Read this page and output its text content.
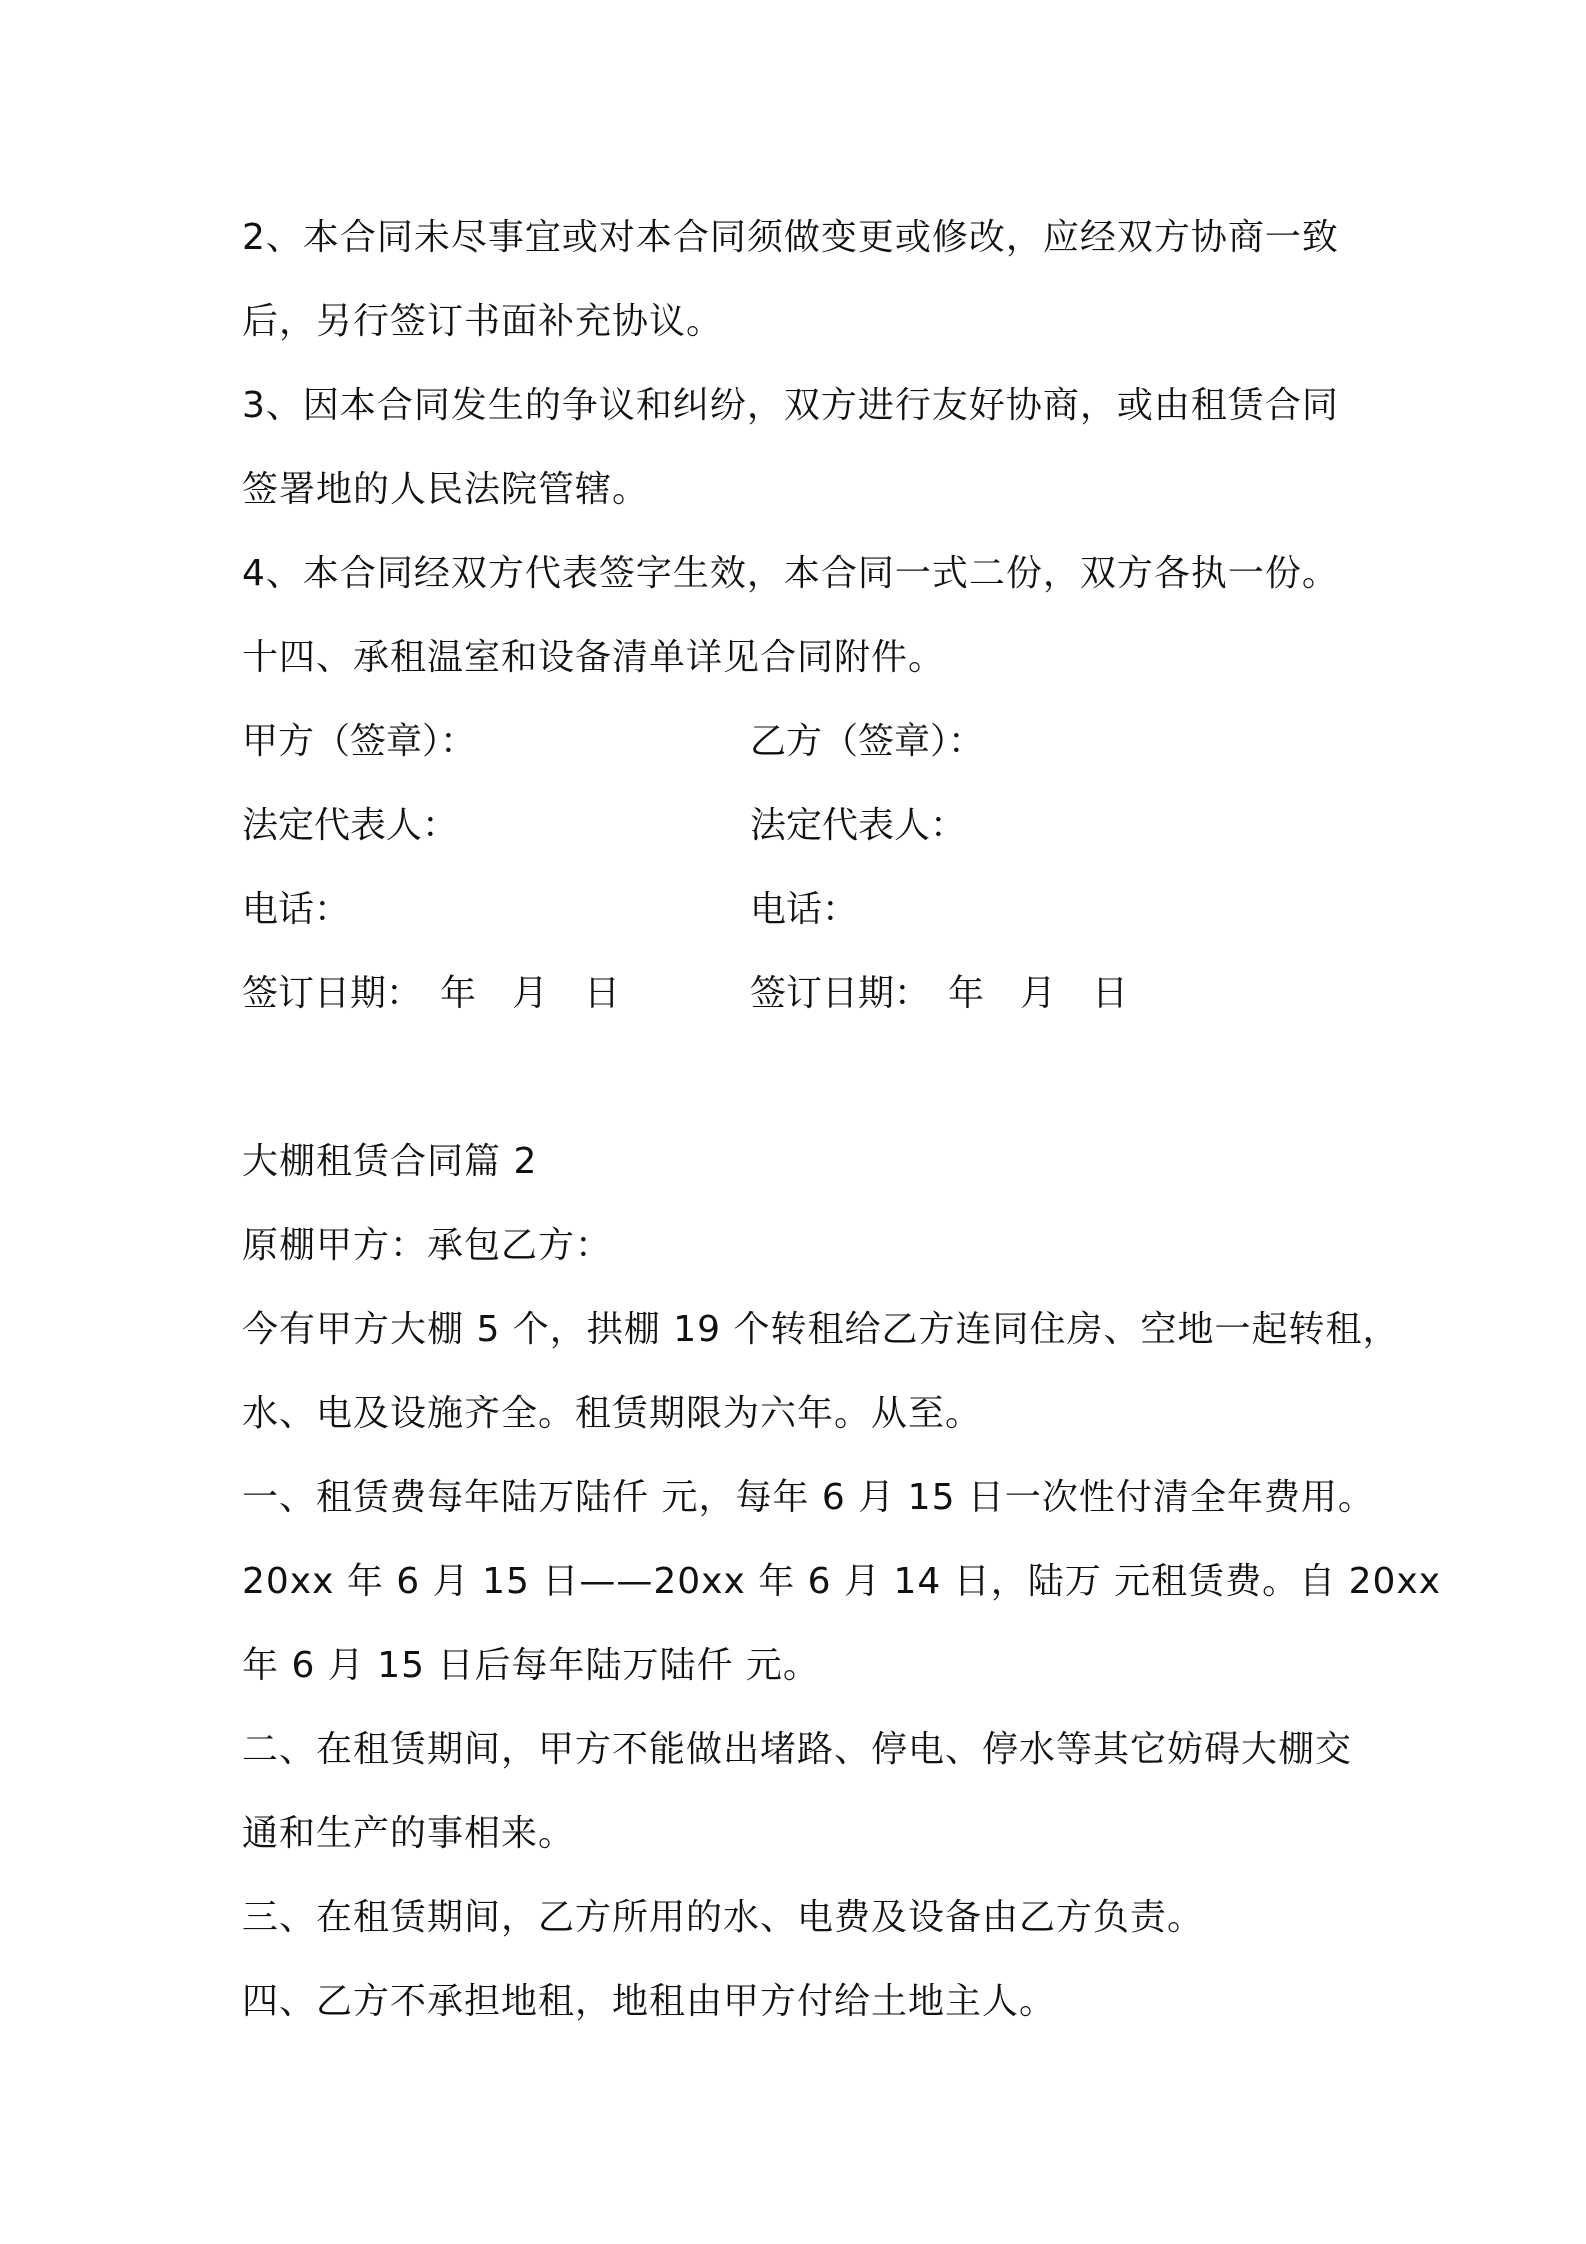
2、本合同未尽事宜或对本合同须做变更或修改，应经双方协商一致
后，另行签订书面补充协议。
3、因本合同发生的争议和纠纷，双方进行友好协商，或由租赁合同
签署地的人民法院管辖。
4、本合同经双方代表签字生效，本合同一式二份，双方各执一份。
十四、承租温室和设备清单详见合同附件。
甲方（签章）：	乙方（签章）：
法定代表人：	法定代表人：
电话：	电话：
签订日期：　年　月　日	签订日期：　年　月　日
大棚租赁合同篇 2
原棚甲方：承包乙方：
今有甲方大棚 5 个，拱棚 19 个转租给乙方连同住房、空地一起转租，
水、电及设施齐全。租赁期限为六年。从至。
一、租赁费每年陆万陆仟 元，每年 6 月 15 日一次性付清全年费用。
20xx 年 6 月 15 日——20xx 年 6 月 14 日，陆万 元租赁费。自 20xx
年 6 月 15 日后每年陆万陆仟 元。
二、在租赁期间，甲方不能做出堵路、停电、停水等其它妨碍大棚交
通和生产的事相来。
三、在租赁期间，乙方所用的水、电费及设备由乙方负责。
四、乙方不承担地租，地租由甲方付给土地主人。
